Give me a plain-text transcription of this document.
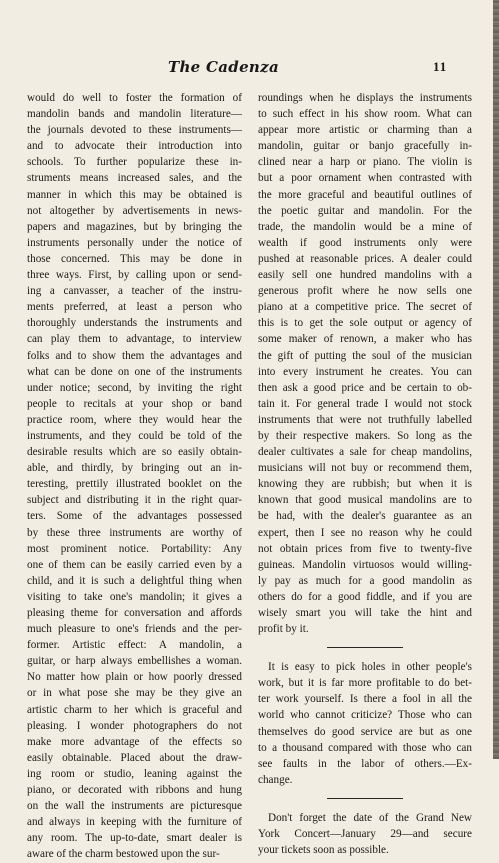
The Cadenza	11
would do well to foster the formation of
mandolin bands and mandolin literature—
the journals devoted to these instruments—
and to advocate their introduction into
schools. To further popularize these in-
struments means increased sales, and the
manner in which this may be obtained is
not altogether by advertisements in news-
papers and magazines, but by bringing the
instruments personally under the notice of
those concerned. This may be done in
three ways. First, by calling upon or send-
ing a canvasser, a teacher of the instru-
ments preferred, at least a person who
thoroughly understands the instruments and
can play them to advantage, to interview
folks and to show them the advantages and
what can be done on one of the instruments
under notice; second, by inviting the right
people to recitals at your shop or band
practice room, where they would hear the
instruments, and they could be told of the
desirable results which are so easily obtain-
able, and thirdly, by bringing out an in-
teresting, prettily illustrated booklet on the
subject and distributing it in the right quar-
ters. Some of the advantages possessed
by these three instruments are worthy of
most prominent notice. Portability: Any
one of them can be easily carried even by a
child, and it is such a delightful thing when
visiting to take one's mandolin; it gives a
pleasing theme for conversation and affords
much pleasure to one's friends and the per-
former. Artistic effect: A mandolin, a
guitar, or harp always embellishes a woman.
No matter how plain or how poorly dressed
or in what pose she may be they give an
artistic charm to her which is graceful and
pleasing. I wonder photographers do not
make more advantage of the effects so
easily obtainable. Placed about the draw-
ing room or studio, leaning against the
piano, or decorated with ribbons and hung
on the wall the instruments are picturesque
and always in keeping with the furniture of
any room. The up-to-date, smart dealer is
aware of the charm bestowed upon the sur-
roundings when he displays the instruments
to such effect in his show room. What can
appear more artistic or charming than a
mandolin, guitar or banjo gracefully in-
clined near a harp or piano. The violin is
but a poor ornament when contrasted with
the more graceful and beautiful outlines of
the poetic guitar and mandolin. For the
trade, the mandolin would be a mine of
wealth if good instruments only were
pushed at reasonable prices. A dealer could
easily sell one hundred mandolins with a
generous profit where he now sells one
piano at a competitive price. The secret of
this is to get the sole output or agency of
some maker of renown, a maker who has
the gift of putting the soul of the musician
into every instrument he creates. You can
then ask a good price and be certain to ob-
tain it. For general trade I would not stock
instruments that were not truthfully labelled
by their respective makers. So long as the
dealer cultivates a sale for cheap mandolins,
musicians will not buy or recommend them,
knowing they are rubbish; but when it is
known that good musical mandolins are to
be had, with the dealer's guarantee as an
expert, then I see no reason why he could
not obtain prices from five to twenty-five
guineas. Mandolin virtuosos would willing-
ly pay as much for a good mandolin as
others do for a good fiddle, and if you are
wisely smart you will take the hint and
profit by it.
It is easy to pick holes in other people's
work, but it is far more profitable to do bet-
ter work yourself. Is there a fool in all the
world who cannot criticize? Those who can
themselves do good service are but as one
to a thousand compared with those who can
see faults in the labor of others.—Ex-
change.
Don't forget the date of the Grand New
York Concert—January 29—and secure
your tickets soon as possible.
